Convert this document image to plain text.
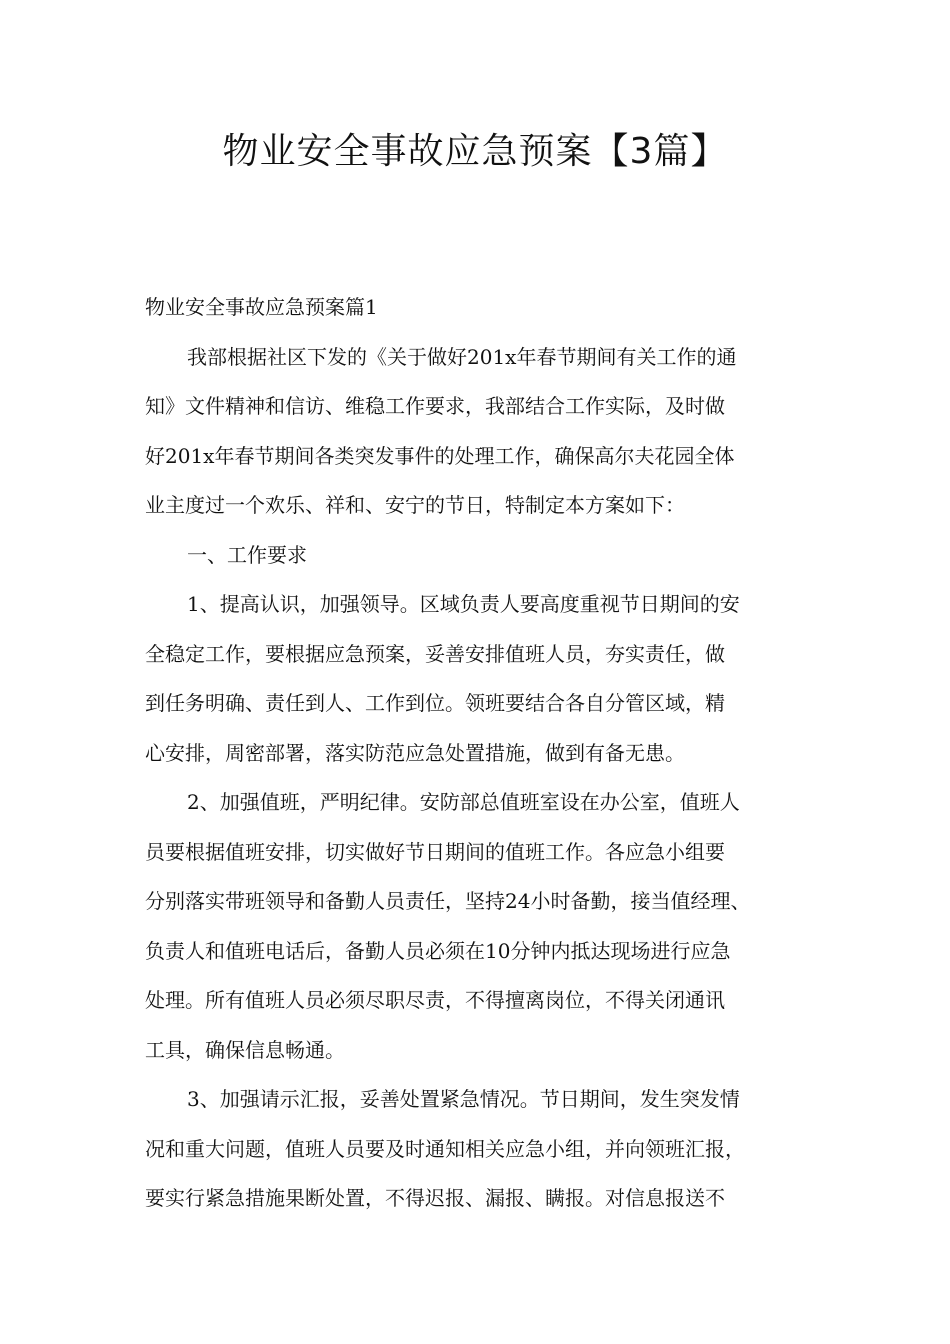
物业安全事故应急预案【3篇】

物业安全事故应急预案篇1

我部根据社区下发的《关于做好201x年春节期间有关工作的通

知》文件精神和信访、维稳工作要求，我部结合工作实际，及时做

好201x年春节期间各类突发事件的处理工作，确保高尔夫花园全体

业主度过一个欢乐、祥和、安宁的节日，特制定本方案如下：

一、工作要求

1、提高认识，加强领导。区域负责人要高度重视节日期间的安

全稳定工作，要根据应急预案，妥善安排值班人员，夯实责任，做

到任务明确、责任到人、工作到位。领班要结合各自分管区域，精

心安排，周密部署，落实防范应急处置措施，做到有备无患。

2、加强值班，严明纪律。安防部总值班室设在办公室，值班人

员要根据值班安排，切实做好节日期间的值班工作。各应急小组要

分别落实带班领导和备勤人员责任，坚持24小时备勤，接当值经理、

负责人和值班电话后，备勤人员必须在10分钟内抵达现场进行应急

处理。所有值班人员必须尽职尽责，不得擅离岗位，不得关闭通讯

工具，确保信息畅通。

3、加强请示汇报，妥善处置紧急情况。节日期间，发生突发情

况和重大问题，值班人员要及时通知相关应急小组，并向领班汇报，

要实行紧急措施果断处置，不得迟报、漏报、瞒报。对信息报送不
